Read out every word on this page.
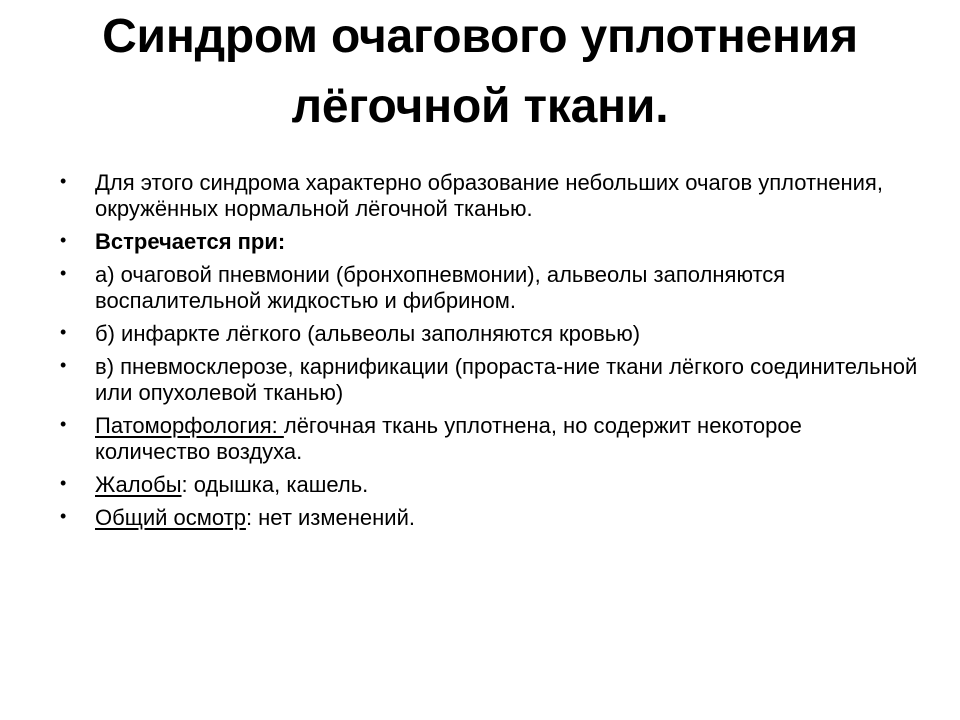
Синдром очагового уплотнения
лёгочной ткани.
• Для этого синдрома характерно образование небольших очагов уплотнения, окружённых нормальной лёгочной тканью.
• Встречается при:
• а) очаговой пневмонии (бронхопневмонии), альвеолы заполняются воспалительной жидкостью и фибрином.
• б) инфаркте лёгкого (альвеолы заполняются кровью)
• в) пневмосклерозе, карнификации (прораста-ние ткани лёгкого соединительной или опухолевой тканью)
• Патоморфология: лёгочная ткань уплотнена, но содержит некоторое количество воздуха.
• Жалобы: одышка, кашель.
• Общий осмотр: нет изменений.
